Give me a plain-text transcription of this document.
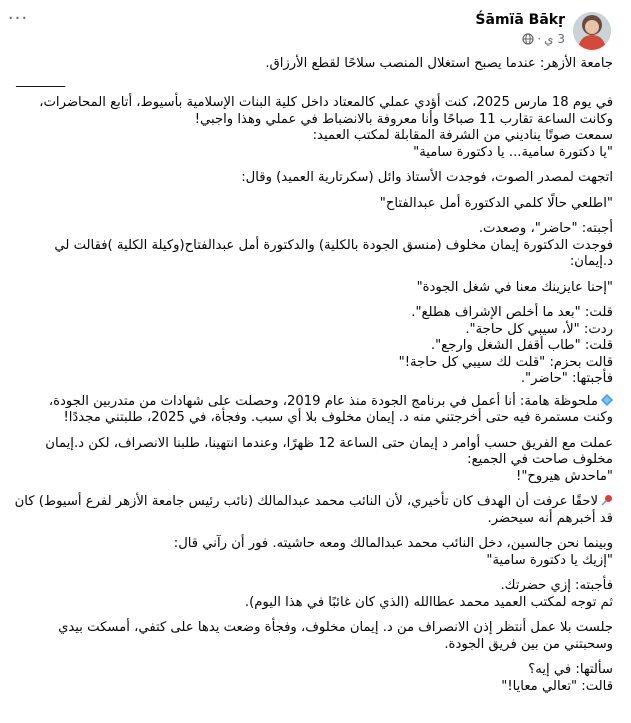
···	Śāmïā Bākṛ
3 ي·

جامعة الأزهر: عندما يصبح استغلال المنصب سلاحًا لقطع الأرزاق.

________

في يوم 18 مارس 2025، كنت أؤدي عملي كالمعتاد داخل كلية البنات الإسلامية بأسيوط، أتابع المحاضرات،

وكانت الساعة تقارب 11 صباحًا وأنا معروفة بالانضباط في عملي وهذا واجبي!

سمعت صوتًا يناديني من الشرفة المقابلة لمكتب العميد:

"يا دكتورة سامية... يا دكتورة سامية"

اتجهت لمصدر الصوت، فوجدت الأستاذ وائل (سكرتارية العميد) وقال:

"اطلعي حالًا كلمي الدكتورة أمل عبدالفتاح"

أجبته: "حاضر"، وصعدت.

فوجدت الدكتورة إيمان مخلوف (منسق الجودة بالكلية) والدكتورة أمل عبدالفتاح(وكيلة الكلية )فقالت لي

د.إيمان:

"إحنا عايزينك معنا في شغل الجودة"

قلت: "بعد ما أخلص الإشراف هطلع".

ردت: "لأ، سيبي كل حاجة".

قلت: "طاب أقفل الشغل وارجع".

قالت بحزم: "قلت لك سيبي كل حاجة!"

فأجبتها: "حاضر".

ملحوظة هامة: أنا أعمل في برنامج الجودة منذ عام 2019، وحصلت على شهادات من متدربين الجودة،

وكنت مستمرة فيه حتى أخرجتني منه د. إيمان مخلوف بلا أي سبب. وفجأة، في 2025، طلبتني مجددًا!

عملت مع الفريق حسب أوامر د إيمان حتى الساعة 12 ظهرًا، وعندما انتهينا، طلبنا الانصراف، لكن د.إيمان

مخلوف صاحت في الجميع:

"ماحدش هيروح"!

لاحقًا عرفت أن الهدف كان تأخيري، لأن النائب محمد عبدالمالك (نائب رئيس جامعة الأزهر لفرع أسيوط) كان

قد أخبرهم أنه سيحضر.

وبينما نحن جالسين، دخل النائب محمد عبدالمالك ومعه حاشيته. فور أن رآني قال:

"إزيك يا دكتورة سامية"

فأجبته: إزي حضرتك.

ثم توجه لمكتب العميد محمد عطاالله (الذي كان غائبًا في هذا اليوم).

جلست بلا عمل أنتظر إذن الانصراف من د. إيمان مخلوف، وفجأة وضعت يدها على كتفي، أمسكت بيدي

وسحبتني من بين فريق الجودة.

سألتها: في إيه؟

قالت: "تعالي معايا!"
